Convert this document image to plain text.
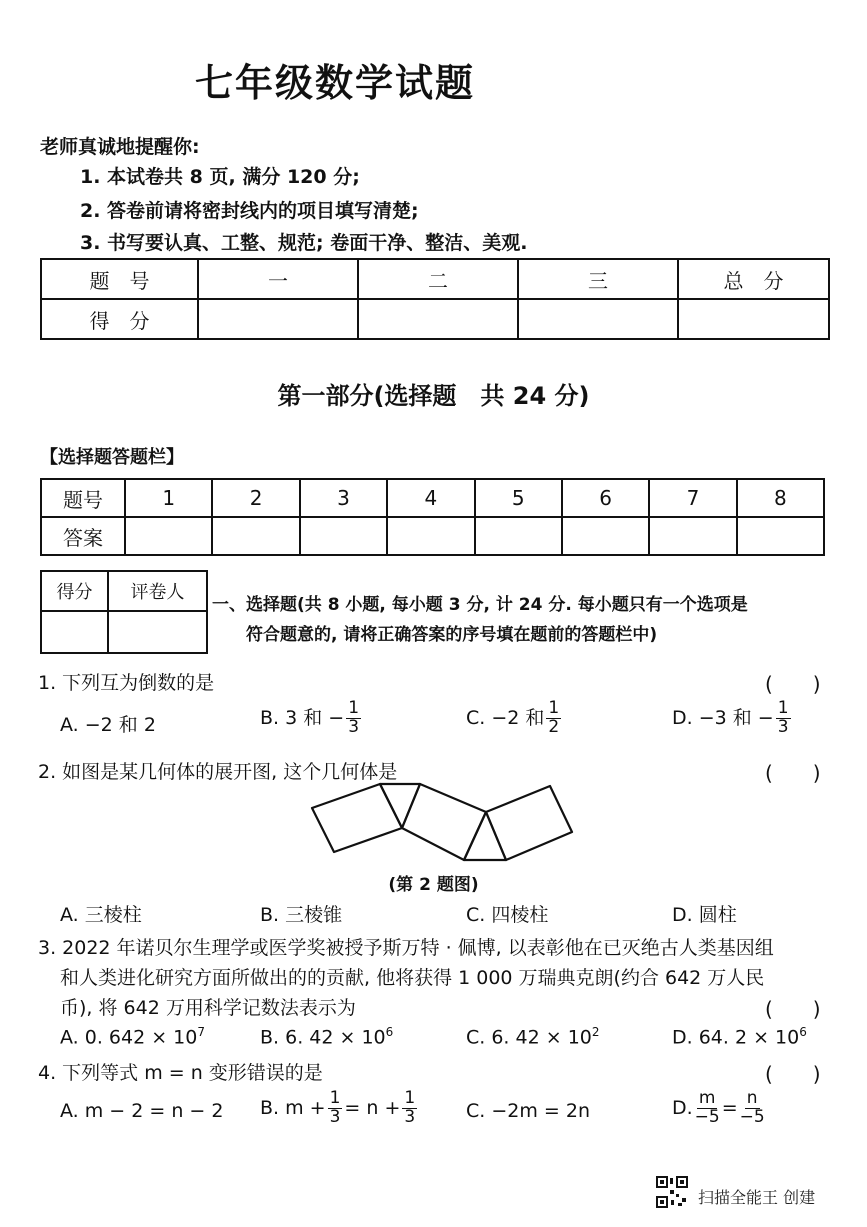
七年级数学试题
老师真诚地提醒你:
1. 本试卷共 8 页, 满分 120 分;
2. 答卷前请将密封线内的项目填写清楚;
3. 书写要认真、工整、规范; 卷面干净、整洁、美观.
题　号	一	二	三	总　分
得　分				
第一部分(选择题　共 24 分)
【选择题答题栏】
题号	1	2	3	4	5	6	7	8
答案								
得分	评卷人

一、选择题(共 8 小题, 每小题 3 分, 计 24 分. 每小题只有一个选项是
符合题意的, 请将正确答案的序号填在题前的答题栏中)
1. 下列互为倒数的是	(　　)
A. −2 和 2	B. 3 和 − $\frac{1}{3}$	C. −2 和 $\frac{1}{2}$	D. −3 和 − $\frac{1}{3}$
2. 如图是某几何体的展开图, 这个几何体是	(　　)
(第 2 题图)
A. 三棱柱	B. 三棱锥	C. 四棱柱	D. 圆柱
3. 2022 年诺贝尔生理学或医学奖被授予斯万特 · 佩博, 以表彰他在已灭绝古人类基因组
和人类进化研究方面所做出的的贡献, 他将获得 1 000 万瑞典克朗(约合 642 万人民
币), 将 642 万用科学记数法表示为	(　　)
A. 0. $642 \times 10^7$	B. 6. $42 \times 10^6$	C. 6. $42 \times 10^2$	D. 64. $2 \times 10^6$
4. 下列等式 m = n 变形错误的是	(　　)
A. m − 2 = n − 2 B. $m + \frac{1}{3} = n + \frac{1}{3}$	C. −2m = 2n	D. $\frac{m}{-5} = \frac{n}{-5}$
扫描全能王 创建
